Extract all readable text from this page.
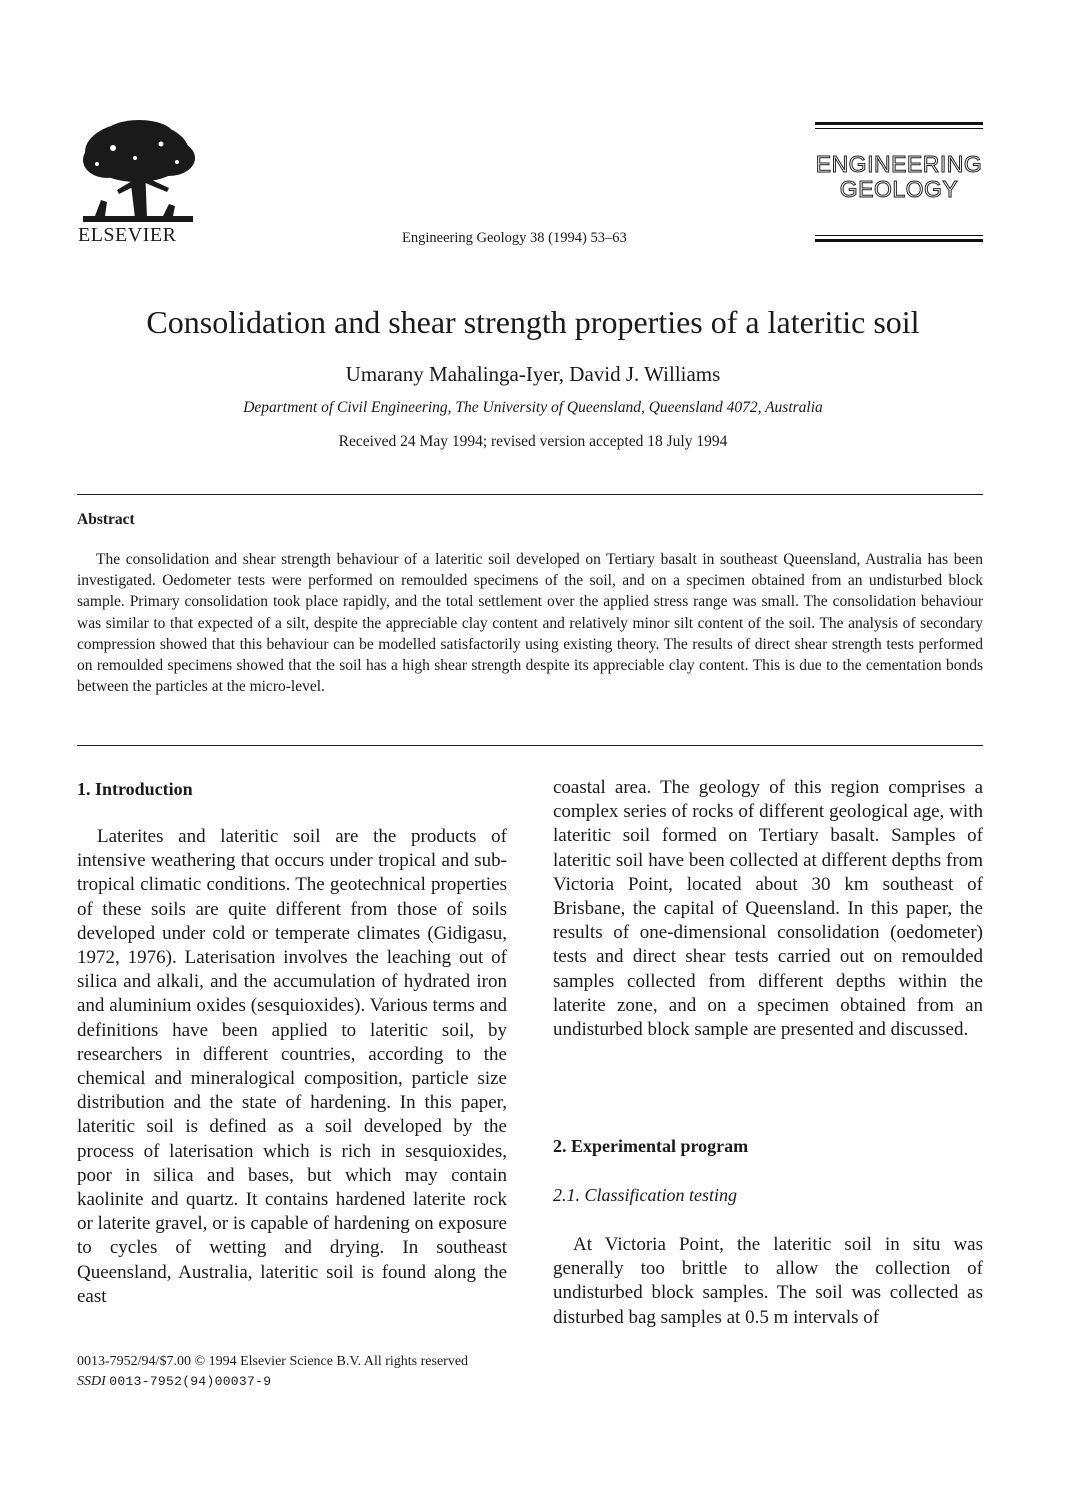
ELSEVIER	Engineering Geology 38 (1994) 53–63
ENGINEERING
GEOLOGY
Consolidation and shear strength properties of a lateritic soil
Umarany Mahalinga-Iyer, David J. Williams
Department of Civil Engineering, The University of Queensland, Queensland 4072, Australia
Received 24 May 1994; revised version accepted 18 July 1994
Abstract

The consolidation and shear strength behaviour of a lateritic soil developed on Tertiary basalt in southeast Queensland, Australia has been investigated. Oedometer tests were performed on remoulded specimens of the soil, and on a specimen obtained from an undisturbed block sample. Primary consolidation took place rapidly, and the total settlement over the applied stress range was small. The consolidation behaviour was similar to that expected of a silt, despite the appreciable clay content and relatively minor silt content of the soil. The analysis of secondary compression showed that this behaviour can be modelled satisfactorily using existing theory. The results of direct shear strength tests performed on remoulded specimens showed that the soil has a high shear strength despite its appreciable clay content. This is due to the cementation bonds between the particles at the micro-level.

1. Introduction

Laterites and lateritic soil are the products of intensive weathering that occurs under tropical and sub-tropical climatic conditions. The geotechnical properties of these soils are quite different from those of soils developed under cold or temperate climates (Gidigasu, 1972, 1976). Laterisation involves the leaching out of silica and alkali, and the accumulation of hydrated iron and aluminium oxides (sesquioxides). Various terms and definitions have been applied to lateritic soil, by researchers in different countries, according to the chemical and mineralogical composition, particle size distribution and the state of hardening. In this paper, lateritic soil is defined as a soil developed by the process of laterisation which is rich in sesquioxides, poor in silica and bases, but which may contain kaolinite and quartz. It contains hardened laterite rock or laterite gravel, or is capable of hardening on exposure to cycles of wetting and drying. In southeast Queensland, Australia, lateritic soil is found along the east

coastal area. The geology of this region comprises a complex series of rocks of different geological age, with lateritic soil formed on Tertiary basalt. Samples of lateritic soil have been collected at different depths from Victoria Point, located about 30 km southeast of Brisbane, the capital of Queensland. In this paper, the results of one-dimensional consolidation (oedometer) tests and direct shear tests carried out on remoulded samples collected from different depths within the laterite zone, and on a specimen obtained from an undisturbed block sample are presented and discussed.

2. Experimental program
2.1. Classification testing

At Victoria Point, the lateritic soil in situ was generally too brittle to allow the collection of undisturbed block samples. The soil was collected as disturbed bag samples at 0.5 m intervals of

0013-7952/94/$7.00 © 1994 Elsevier Science B.V. All rights reserved
SSDI 0013-7952(94)00037-9
